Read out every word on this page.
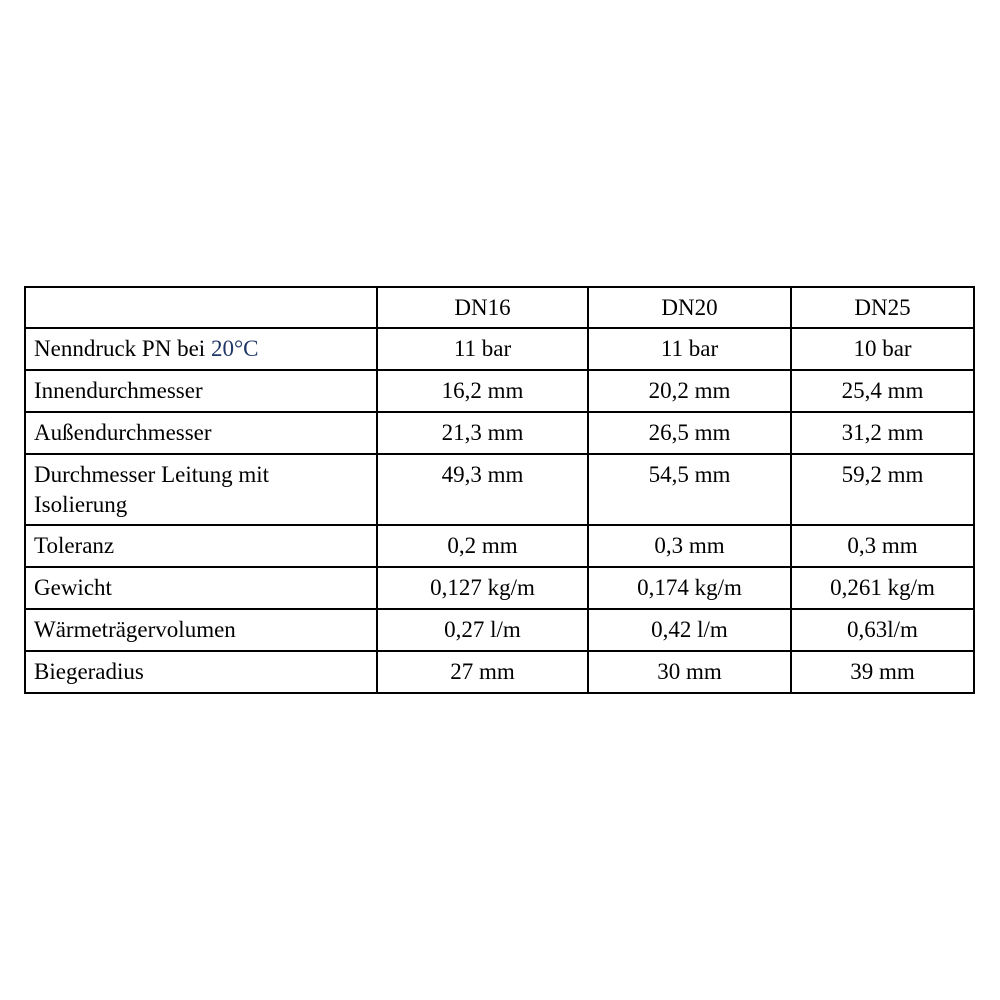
	DN16	DN20	DN25
Nenndruck PN bei 20°C	11 bar	11 bar	10 bar
Innendurchmesser	16,2 mm	20,2 mm	25,4 mm
Außendurchmesser	21,3 mm	26,5 mm	31,2 mm
Durchmesser Leitung mit Isolierung	49,3 mm	54,5 mm	59,2 mm
Toleranz	0,2 mm	0,3 mm	0,3 mm
Gewicht	0,127 kg/m	0,174 kg/m	0,261 kg/m
Wärmeträgervolumen	0,27 l/m	0,42 l/m	0,63l/m
Biegeradius	27 mm	30 mm	39 mm
